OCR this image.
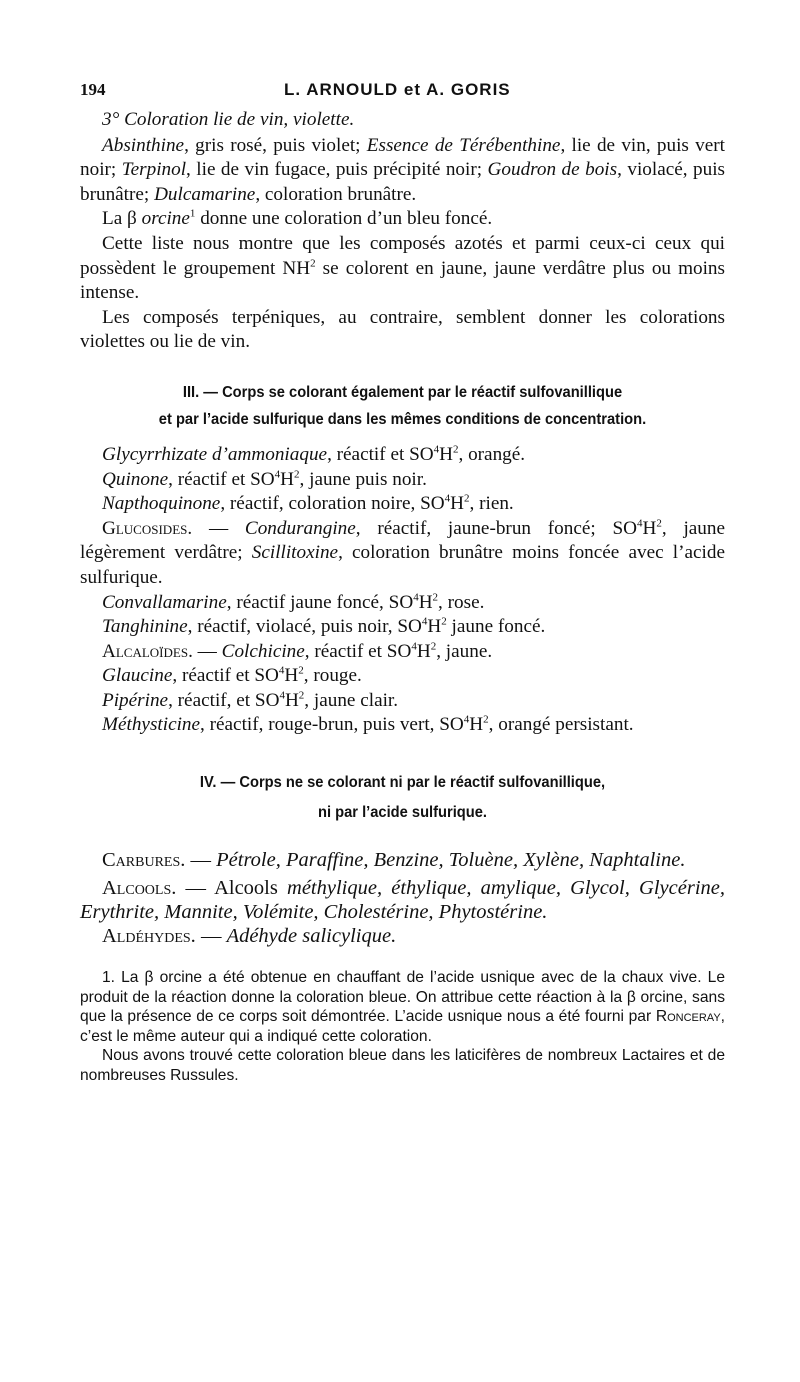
194	L. ARNOULD et A. GORIS

3° Coloration lie de vin, violette.

Absinthine, gris rosé, puis violet; Essence de Térébenthine, lie de vin, puis vert noir; Terpinol, lie de vin fugace, puis précipité noir; Goudron de bois, violacé, puis brunâtre; Dulcamarine, coloration brunâtre.

La β orcine$^1$ donne une coloration d’un bleu foncé.

Cette liste nous montre que les composés azotés et parmi ceux-ci ceux qui possèdent le groupement $NH^2$ se colorent en jaune, jaune verdâtre plus ou moins intense.

Les composés terpéniques, au contraire, semblent donner les colorations violettes ou lie de vin.

III. — Corps se colorant également par le réactif sulfovanillique

et par l’acide sulfurique dans les mêmes conditions de concentration.

Glycyrrhizate d’ammoniaque, réactif et $SO^4H^2$, orangé.

Quinone, réactif et $SO^4H^2$, jaune puis noir.

Napthoquinone, réactif, coloration noire, $SO^4H^2$, rien.

Glucosides. — Condurangine, réactif, jaune-brun foncé; $SO^4H^2$, jaune légèrement verdâtre; Scillitoxine, coloration brunâtre moins foncée avec l’acide sulfurique.

Convallamarine, réactif jaune foncé, $SO^4H^2$, rose.

Tanghinine, réactif, violacé, puis noir, $SO^4H^2$ jaune foncé.

Alcaloïdes. — Colchicine, réactif et $SO^4H^2$, jaune.

Glaucine, réactif et $SO^4H^2$, rouge.

Pipérine, réactif, et $SO^4H^2$, jaune clair.

Méthysticine, réactif, rouge-brun, puis vert, $SO^4H^2$, orangé persistant.

IV. — Corps ne se colorant ni par le réactif sulfovanillique,

ni par l’acide sulfurique.

Carbures. — Pétrole, Paraffine, Benzine, Toluène, Xylène, Naphtaline.

Alcools. — Alcools méthylique, éthylique, amylique, Glycol, Glycérine, Erythrite, Mannite, Volémite, Cholestérine, Phytostérine.

Aldéhydes. — Adéhyde salicylique.

1. La β orcine a été obtenue en chauffant de l’acide usnique avec de la chaux vive. Le produit de la réaction donne la coloration bleue. On attribue cette réaction à la β orcine, sans que la présence de ce corps soit démontrée. L’acide usnique nous a été fourni par Ronceray, c’est le même auteur qui a indiqué cette coloration.

Nous avons trouvé cette coloration bleue dans les laticifères de nombreux Lactaires et de nombreuses Russules.
